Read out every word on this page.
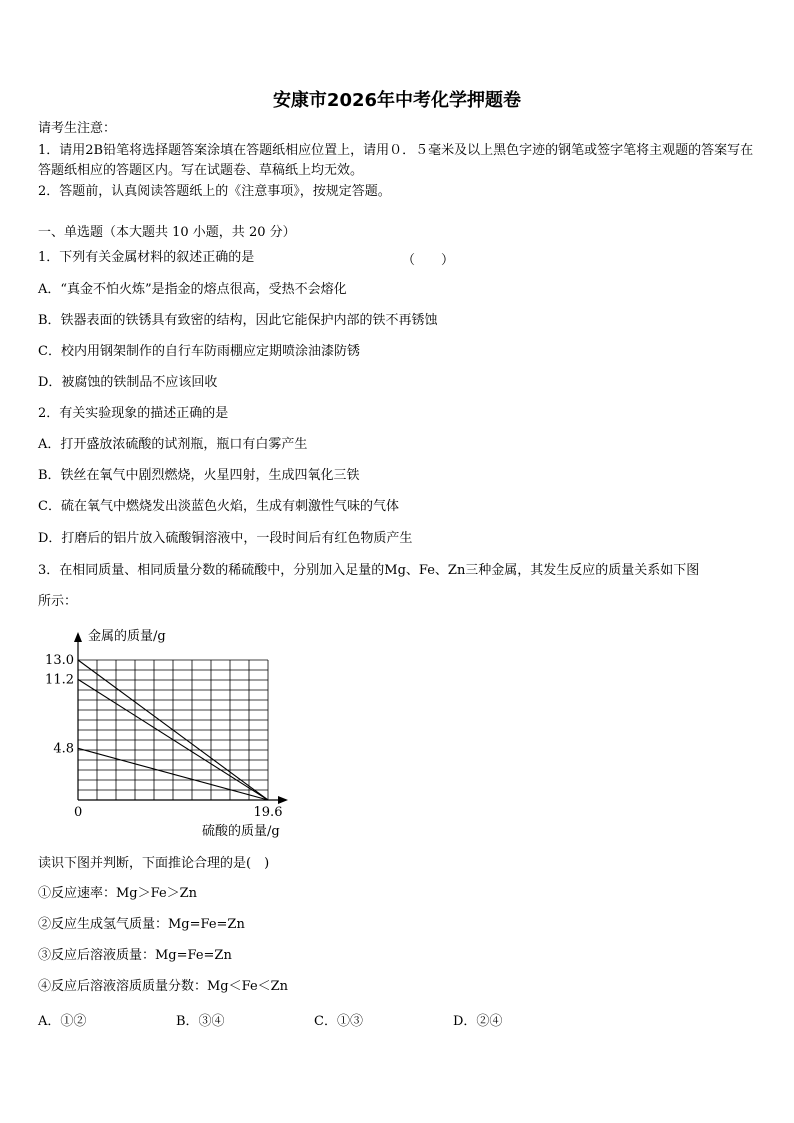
安康市2026年中考化学押题卷
请考生注意：
1．请用2B铅笔将选择题答案涂填在答题纸相应位置上，请用０．５毫米及以上黑色字迹的钢笔或签字笔将主观题的答案写在答题纸相应的答题区内。写在试题卷、草稿纸上均无效。
2．答题前，认真阅读答题纸上的《注意事项》，按规定答题。
一、单选题（本大题共 10 小题，共 20 分）
1．下列有关金属材料的叙述正确的是	（　　）
A．“真金不怕火炼”是指金的熔点很高，受热不会熔化
B．铁器表面的铁锈具有致密的结构，因此它能保护内部的铁不再锈蚀
C．校内用钢架制作的自行车防雨棚应定期喷涂油漆防锈
D．被腐蚀的铁制品不应该回收
2．有关实验现象的描述正确的是
A．打开盛放浓硫酸的试剂瓶，瓶口有白雾产生
B．铁丝在氧气中剧烈燃烧，火星四射，生成四氧化三铁
C．硫在氧气中燃烧发出淡蓝色火焰，生成有刺激性气味的气体
D．打磨后的铝片放入硫酸铜溶液中，一段时间后有红色物质产生
3．在相同质量、相同质量分数的稀硫酸中，分别加入足量的Mg、Fe、Zn三种金属，其发生反应的质量关系如下图
所示：
金属的质量/g
硫酸的质量/g
0
13.0
11.2
4.8
19.6
读识下图并判断，下面推论合理的是(　)
①反应速率：Mg＞Fe＞Zn
②反应生成氢气质量：Mg=Fe=Zn
③反应后溶液质量：Mg=Fe=Zn
④反应后溶液溶质质量分数：Mg＜Fe＜Zn
A．①②	B．③④	C．①③	D．②④
